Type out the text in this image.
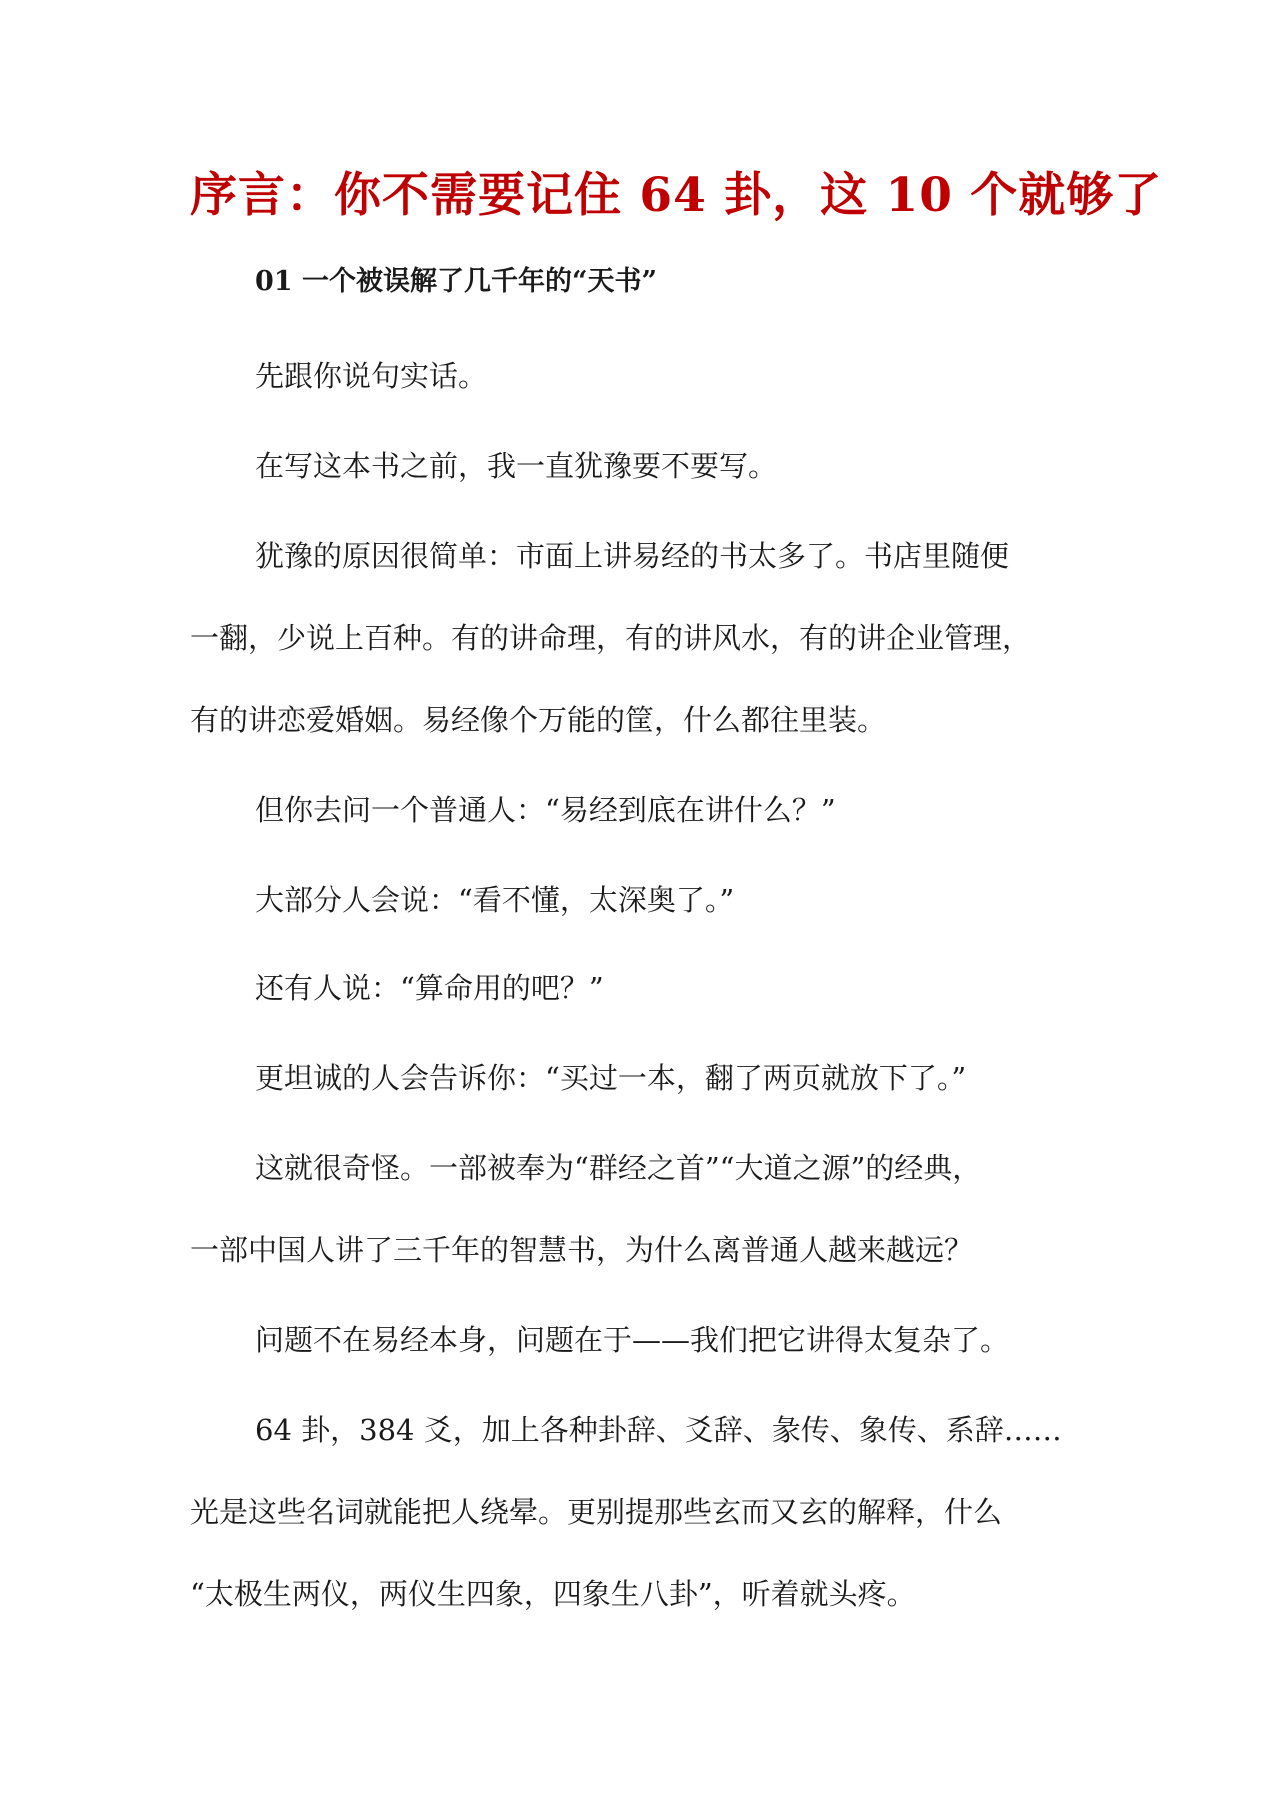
序言：你不需要记住 64 卦，这 10 个就够了
01 一个被误解了几千年的“天书”
先跟你说句实话。
在写这本书之前，我一直犹豫要不要写。
犹豫的原因很简单：市面上讲易经的书太多了。书店里随便
一翻，少说上百种。有的讲命理，有的讲风水，有的讲企业管理，
有的讲恋爱婚姻。易经像个万能的筐，什么都往里装。
但你去问一个普通人：“易经到底在讲什么？”
大部分人会说：“看不懂，太深奥了。”
还有人说：“算命用的吧？”
更坦诚的人会告诉你：“买过一本，翻了两页就放下了。”
这就很奇怪。一部被奉为“群经之首”“大道之源”的经典，
一部中国人讲了三千年的智慧书，为什么离普通人越来越远？
问题不在易经本身，问题在于——我们把它讲得太复杂了。
64 卦，384 爻，加上各种卦辞、爻辞、彖传、象传、系辞……
光是这些名词就能把人绕晕。更别提那些玄而又玄的解释，什么
“太极生两仪，两仪生四象，四象生八卦”，听着就头疼。
